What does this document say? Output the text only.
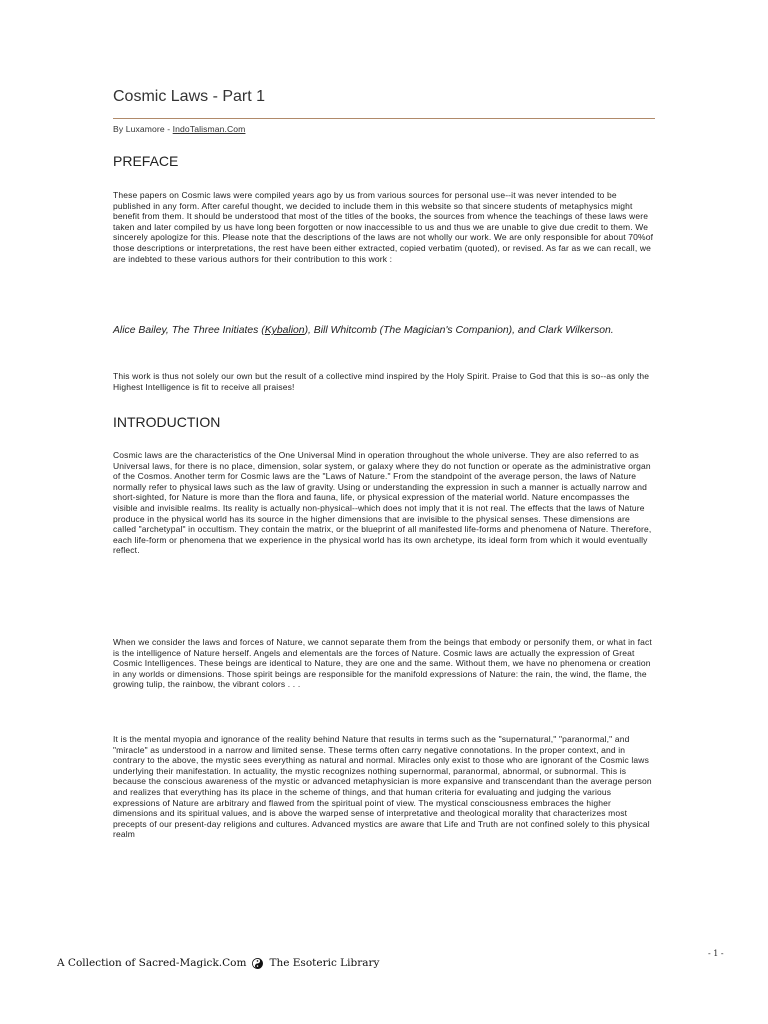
Cosmic Laws - Part 1
By Luxamore - IndoTalisman.Com
PREFACE

These papers on Cosmic laws were compiled years ago by us from various sources for personal use--it was never intended to be published in any form. After careful thought, we decided to include them in this website so that sincere students of metaphysics might benefit from them. It should be understood that most of the titles of the books, the sources from whence the teachings of these laws were taken and later compiled by us have long been forgotten or now inaccessible to us and thus we are unable to give due credit to them. We sincerely apologize for this. Please note that the descriptions of the laws are not wholly our work. We are only responsible for about 70%of those descriptions or interpretations, the rest have been either extracted, copied verbatim (quoted), or revised. As far as we can recall, we are indebted to these various authors for their contribution to this work :

Alice Bailey, The Three Initiates (Kybalion), Bill Whitcomb (The Magician's Companion), and Clark Wilkerson.

This work is thus not solely our own but the result of a collective mind inspired by the Holy Spirit. Praise to God that this is so--as only the Highest Intelligence is fit to receive all praises!

INTRODUCTION

Cosmic laws are the characteristics of the One Universal Mind in operation throughout the whole universe. They are also referred to as Universal laws, for there is no place, dimension, solar system, or galaxy where they do not function or operate as the administrative organ of the Cosmos. Another term for Cosmic laws are the "Laws of Nature." From the standpoint of the average person, the laws of Nature normally refer to physical laws such as the law of gravity. Using or understanding the expression in such a manner is actually narrow and short-sighted, for Nature is more than the flora and fauna, life, or physical expression of the material world. Nature encompasses the visible and invisible realms. Its reality is actually non-physical--which does not imply that it is not real. The effects that the laws of Nature produce in the physical world has its source in the higher dimensions that are invisible to the physical senses. These dimensions are called "archetypal" in occultism. They contain the matrix, or the blueprint of all manifested life-forms and phenomena of Nature. Therefore, each life-form or phenomena that we experience in the physical world has its own archetype, its ideal form from which it would eventually reflect.

When we consider the laws and forces of Nature, we cannot separate them from the beings that embody or personify them, or what in fact is the intelligence of Nature herself. Angels and elementals are the forces of Nature. Cosmic laws are actually the expression of Great Cosmic Intelligences. These beings are identical to Nature, they are one and the same. Without them, we have no phenomena or creation in any worlds or dimensions. Those spirit beings are responsible for the manifold expressions of Nature: the rain, the wind, the flame, the growing tulip, the rainbow, the vibrant colors . . .

It is the mental myopia and ignorance of the reality behind Nature that results in terms such as the "supernatural," "paranormal," and "miracle" as understood in a narrow and limited sense. These terms often carry negative connotations. In the proper context, and in contrary to the above, the mystic sees everything as natural and normal. Miracles only exist to those who are ignorant of the Cosmic laws underlying their manifestation. In actuality, the mystic recognizes nothing supernormal, paranormal, abnormal, or subnormal. This is because the conscious awareness of the mystic or advanced metaphysician is more expansive and transcendant than the average person and realizes that everything has its place in the scheme of things, and that human criteria for evaluating and judging the various expressions of Nature are arbitrary and flawed from the spiritual point of view. The mystical consciousness embraces the higher dimensions and its spiritual values, and is above the warped sense of interpretative and theological morality that characterizes most precepts of our present-day religions and cultures. Advanced mystics are aware that Life and Truth are not confined solely to this physical realm

A Collection of Sacred-Magick.Com The Esoteric Library
- 1 -
